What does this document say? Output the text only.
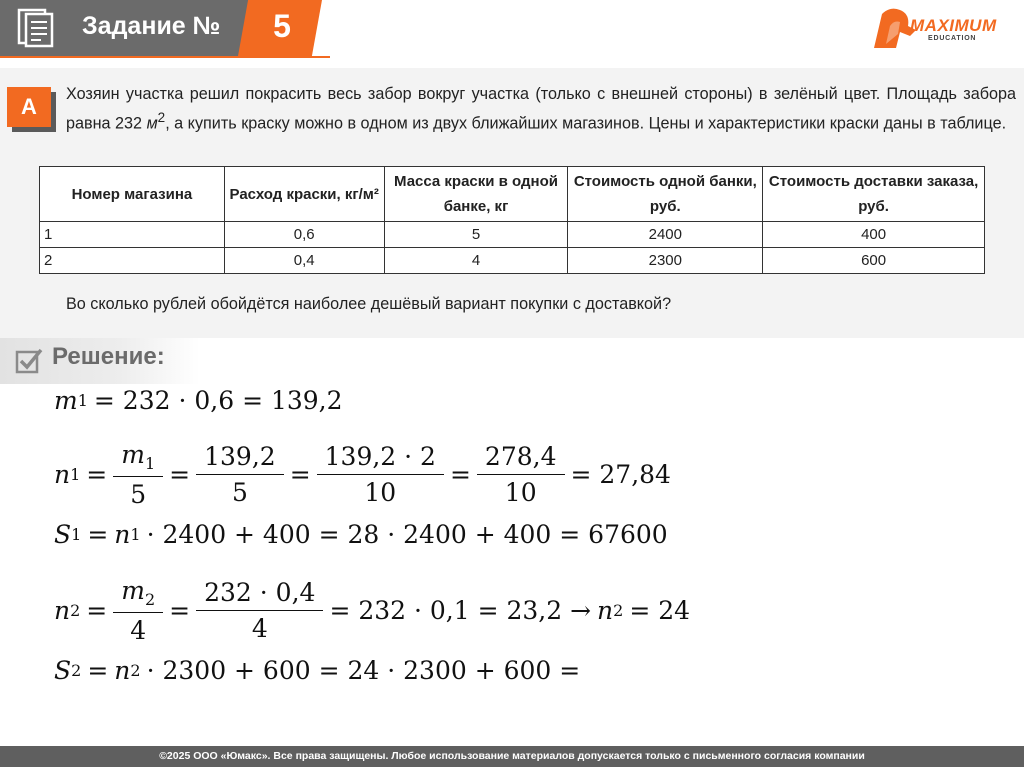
Задание №	5	MAXIMUM
EDUCATION
А	Хозяин участка решил покрасить весь забор вокруг участка (только с внешней стороны) в зелёный цвет. Площадь забора равна 232 $м^2$, а купить краску можно в одном из двух ближайших магазинов. Цены и характеристики краски даны в таблице.

Номер магазина	Расход краски, кг/м²	Масса краски в одной банке, кг	Стоимость одной банки, руб.	Стоимость доставки заказа, руб.
1	0,6	5	2400	400
2	0,4	4	2300	600

Во сколько рублей обойдётся наиболее дешёвый вариант покупки с доставкой?

Решение:
m 1 = 232 · 0,6 = 139,2
n $1 = \frac{m_1}{5} = \frac{139,2}{5} = \frac{139,2 \cdot 2}{10} = \frac{278,4}{10} = 27,84$
S 1 = n 1 · 2400 + 400 = 28 · 2400 + 400 = 67600
n $2 = \frac{m_2}{4} = \frac{232 \cdot 0,4}{4} = 232 \cdot 0,1 = 23,2 \to n$ 2 = 24
S 2 = n 2 · 2300 + 600 = 24 · 2300 + 600 =
©2025 ООО «Юмакс». Все права защищены. Любое использование материалов допускается только с письменного согласия компании
